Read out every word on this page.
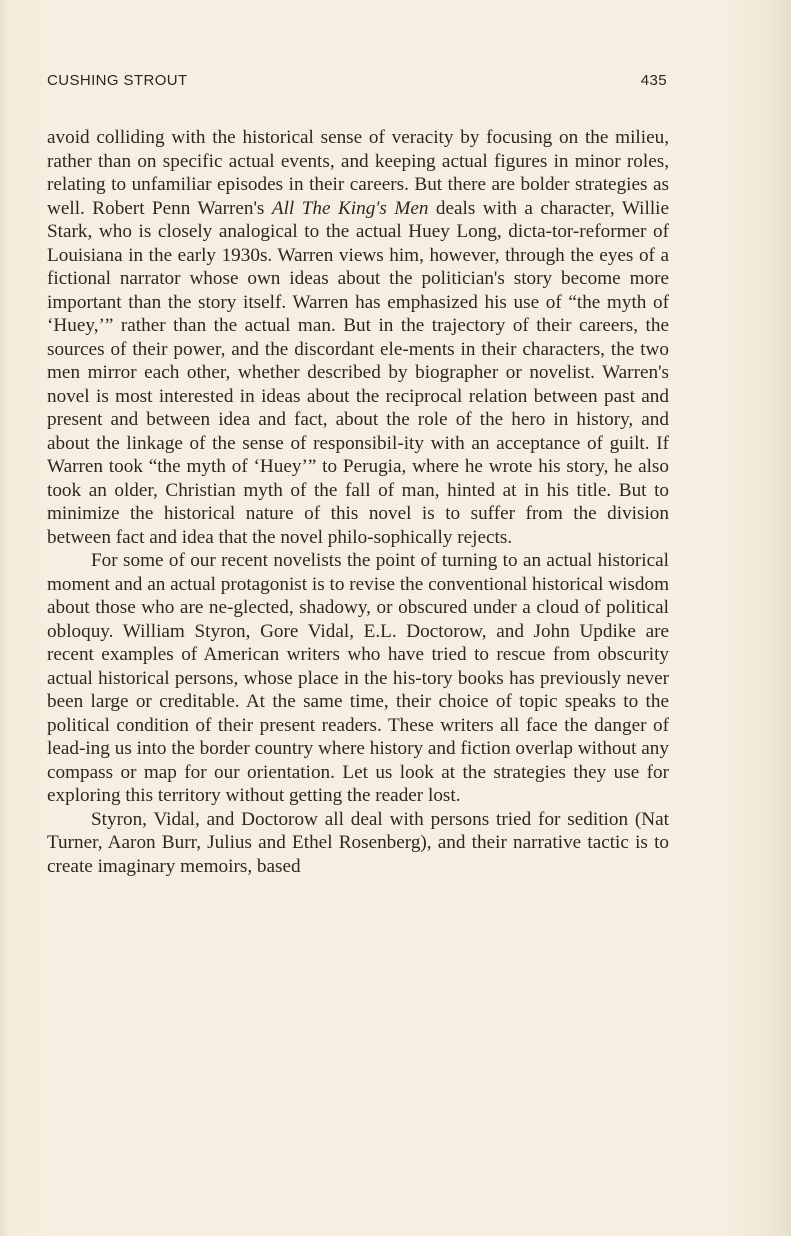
CUSHING STROUT	435

avoid colliding with the historical sense of veracity by focusing on the milieu, rather than on specific actual events, and keeping actual figures in minor roles, relating to unfamiliar episodes in their careers. But there are bolder strategies as well. Robert Penn Warren's All The King's Men deals with a character, Willie Stark, who is closely analogical to the actual Huey Long, dicta-tor-reformer of Louisiana in the early 1930s. Warren views him, however, through the eyes of a fictional narrator whose own ideas about the politician's story become more important than the story itself. Warren has emphasized his use of “the myth of ‘Huey,’” rather than the actual man. But in the trajectory of their careers, the sources of their power, and the discordant ele-ments in their characters, the two men mirror each other, whether described by biographer or novelist. Warren's novel is most interested in ideas about the reciprocal relation between past and present and between idea and fact, about the role of the hero in history, and about the linkage of the sense of responsibil-ity with an acceptance of guilt. If Warren took “the myth of ‘Huey’” to Perugia, where he wrote his story, he also took an older, Christian myth of the fall of man, hinted at in his title. But to minimize the historical nature of this novel is to suffer from the division between fact and idea that the novel philo-sophically rejects.

For some of our recent novelists the point of turning to an actual historical moment and an actual protagonist is to revise the conventional historical wisdom about those who are ne-glected, shadowy, or obscured under a cloud of political obloquy. William Styron, Gore Vidal, E.L. Doctorow, and John Updike are recent examples of American writers who have tried to rescue from obscurity actual historical persons, whose place in the his-tory books has previously never been large or creditable. At the same time, their choice of topic speaks to the political condition of their present readers. These writers all face the danger of lead-ing us into the border country where history and fiction overlap without any compass or map for our orientation. Let us look at the strategies they use for exploring this territory without getting the reader lost.

Styron, Vidal, and Doctorow all deal with persons tried for sedition (Nat Turner, Aaron Burr, Julius and Ethel Rosenberg), and their narrative tactic is to create imaginary memoirs, based
